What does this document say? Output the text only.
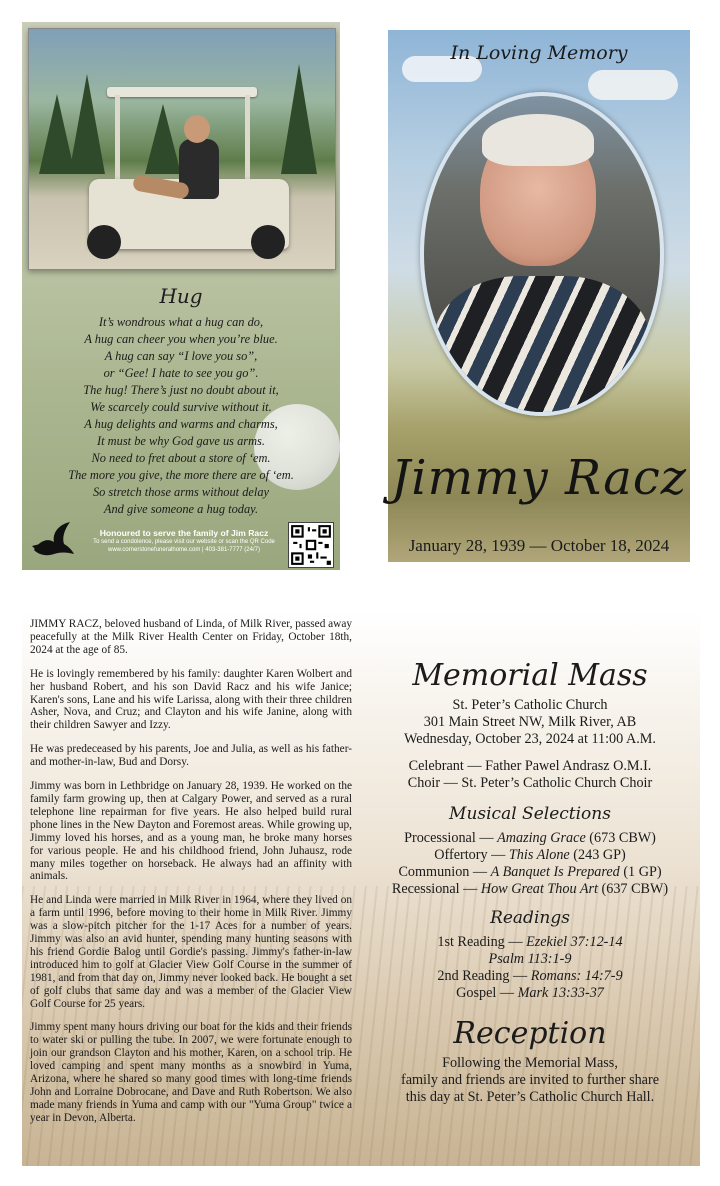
Hug
It’s wondrous what a hug can do,
A hug can cheer you when you’re blue.
A hug can say “I love you so”,
or “Gee! I hate to see you go”.
The hug! There’s just no doubt about it,
We scarcely could survive without it.
A hug delights and warms and charms,
It must be why God gave us arms.
No need to fret about a store of ‘em.
The more you give, the more there are of ‘em.
So stretch those arms without delay
And give someone a hug today.
Honoured to serve the family of Jim Racz
To send a condolence, please visit our website or scan the QR Code
www.cornerstonefuneralhome.com | 403-381-7777 (24/7)
In Loving Memory
Jimmy Racz
January 28, 1939 — October 18, 2024

JIMMY RACZ, beloved husband of Linda, of Milk River, passed away peacefully at the Milk River Health Center on Friday, October 18th, 2024 at the age of 85.

He is lovingly remembered by his family: daughter Karen Wolbert and her husband Robert, and his son David Racz and his wife Janice; Karen's sons, Lane and his wife Larissa, along with their three children Asher, Nova, and Cruz; and Clayton and his wife Janine, along with their children Sawyer and Izzy.

He was predeceased by his parents, Joe and Julia, as well as his father- and mother-in-law, Bud and Dorsy.

Jimmy was born in Lethbridge on January 28, 1939. He worked on the family farm growing up, then at Calgary Power, and served as a rural telephone line repairman for five years. He also helped build rural phone lines in the New Dayton and Foremost areas. While growing up, Jimmy loved his horses, and as a young man, he broke many horses for various people. He and his childhood friend, John Juhausz, rode many miles together on horseback. He always had an affinity with animals.

He and Linda were married in Milk River in 1964, where they lived on a farm until 1996, before moving to their home in Milk River. Jimmy was a slow-pitch pitcher for the 1-17 Aces for a number of years. Jimmy was also an avid hunter, spending many hunting seasons with his friend Gordie Balog until Gordie's passing. Jimmy's father-in-law introduced him to golf at Glacier View Golf Course in the summer of 1981, and from that day on, Jimmy never looked back. He bought a set of golf clubs that same day and was a member of the Glacier View Golf Course for 25 years.

Jimmy spent many hours driving our boat for the kids and their friends to water ski or pulling the tube. In 2007, we were fortunate enough to join our grandson Clayton and his mother, Karen, on a school trip. He loved camping and spent many months as a snowbird in Yuma, Arizona, where he shared so many good times with long-time friends John and Lorraine Dobrocane, and Dave and Ruth Robertson. We also made many friends in Yuma and camp with our "Yuma Group" twice a year in Devon, Alberta.

Memorial Mass
St. Peter’s Catholic Church
301 Main Street NW, Milk River, AB
Wednesday, October 23, 2024 at 11:00 A.M.
Celebrant — Father Pawel Andrasz O.M.I.
Choir — St. Peter’s Catholic Church Choir
Musical Selections
Processional — Amazing Grace (673 CBW)
Offertory — This Alone (243 GP)
Communion — A Banquet Is Prepared (1 GP)
Recessional — How Great Thou Art (637 CBW)
Readings
1st Reading — Ezekiel 37:12-14
Psalm 113:1-9
2nd Reading — Romans: 14:7-9
Gospel — Mark 13:33-37
Reception
Following the Memorial Mass,
family and friends are invited to further share
this day at St. Peter’s Catholic Church Hall.
